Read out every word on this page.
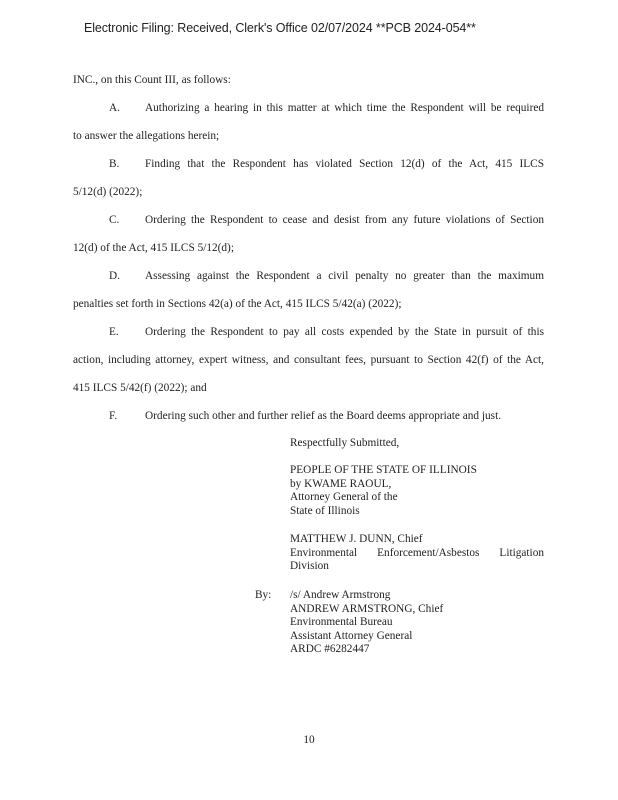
Electronic Filing: Received, Clerk's Office 02/07/2024 **PCB 2024-054**
INC., on this Count III, as follows:
A. Authorizing a hearing in this matter at which time the Respondent will be required
to answer the allegations herein;
B. Finding that the Respondent has violated Section 12(d) of the Act, 415 ILCS
5/12(d) (2022);
C. Ordering the Respondent to cease and desist from any future violations of Section
12(d) of the Act, 415 ILCS 5/12(d);
D. Assessing against the Respondent a civil penalty no greater than the maximum
penalties set forth in Sections 42(a) of the Act, 415 ILCS 5/42(a) (2022);
E. Ordering the Respondent to pay all costs expended by the State in pursuit of this
action, including attorney, expert witness, and consultant fees, pursuant to Section 42(f) of the Act,
415 ILCS 5/42(f) (2022); and
F. Ordering such other and further relief as the Board deems appropriate and just.
Respectfully Submitted,
PEOPLE OF THE STATE OF ILLINOIS
by KWAME RAOUL,
Attorney General of the
State of Illinois
MATTHEW J. DUNN, Chief
Environmental Enforcement/Asbestos Litigation
Division
By: /s/ Andrew Armstrong
ANDREW ARMSTRONG, Chief
Environmental Bureau
Assistant Attorney General
ARDC #6282447
10
